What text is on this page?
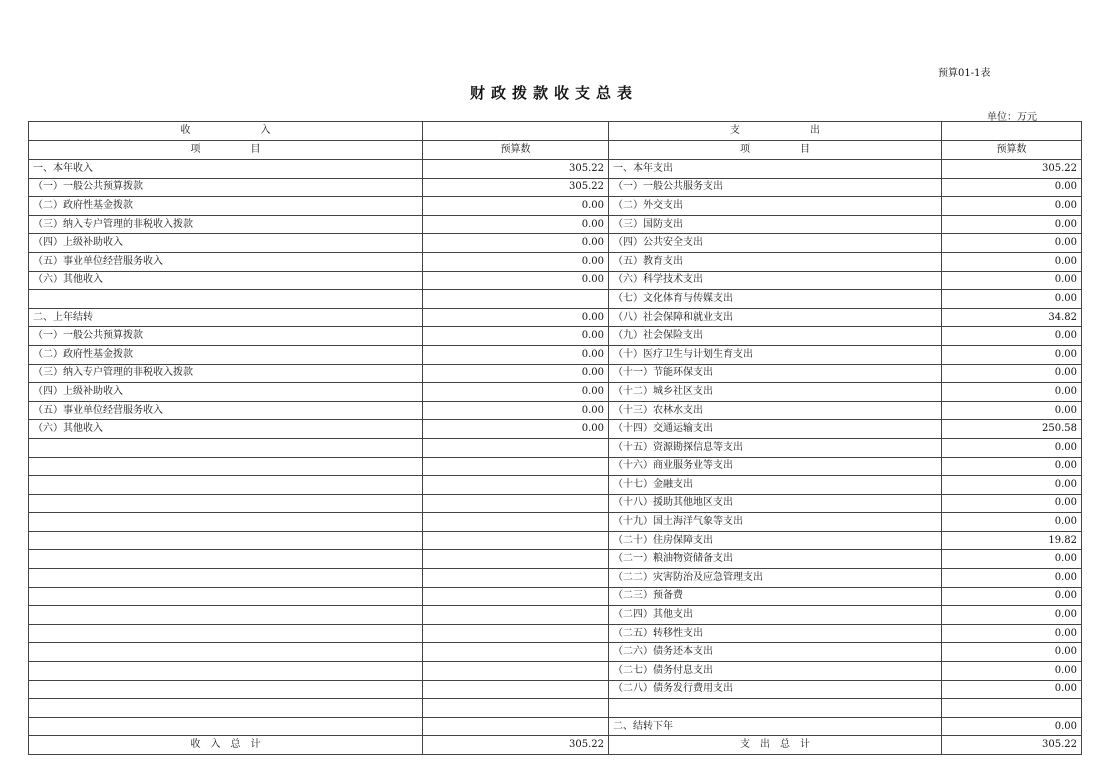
预算01-1表
财政拨款收支总表
单位：万元
收　　　　　　　入		支　　　　　　　出	
项　　　　　目	预算数	项　　　　　目	预算数
一、本年收入	305.22	一、本年支出	305.22
（一）一般公共预算拨款	305.22	（一）一般公共服务支出	0.00
（二）政府性基金拨款	0.00	（二）外交支出	0.00
（三）纳入专户管理的非税收入拨款	0.00	（三）国防支出	0.00
（四）上级补助收入	0.00	（四）公共安全支出	0.00
（五）事业单位经营服务收入	0.00	（五）教育支出	0.00
（六）其他收入	0.00	（六）科学技术支出	0.00
		（七）文化体育与传媒支出	0.00
二、上年结转	0.00	（八）社会保障和就业支出	34.82
（一）一般公共预算拨款	0.00	（九）社会保险支出	0.00
（二）政府性基金拨款	0.00	（十）医疗卫生与计划生育支出	0.00
（三）纳入专户管理的非税收入拨款	0.00	（十一）节能环保支出	0.00
（四）上级补助收入	0.00	（十二）城乡社区支出	0.00
（五）事业单位经营服务收入	0.00	（十三）农林水支出	0.00
（六）其他收入	0.00	（十四）交通运输支出	250.58
		（十五）资源勘探信息等支出	0.00
		（十六）商业服务业等支出	0.00
		（十七）金融支出	0.00
		（十八）援助其他地区支出	0.00
		（十九）国土海洋气象等支出	0.00
		（二十）住房保障支出	19.82
		（二一）粮油物资储备支出	0.00
		（二二）灾害防治及应急管理支出	0.00
		（二三）预备费	0.00
		（二四）其他支出	0.00
		（二五）转移性支出	0.00
		（二六）债务还本支出	0.00
		（二七）债务付息支出	0.00
		（二八）债务发行费用支出	0.00

		二、结转下年	0.00
收　入　总　计	305.22	支　出　总　计	305.22
